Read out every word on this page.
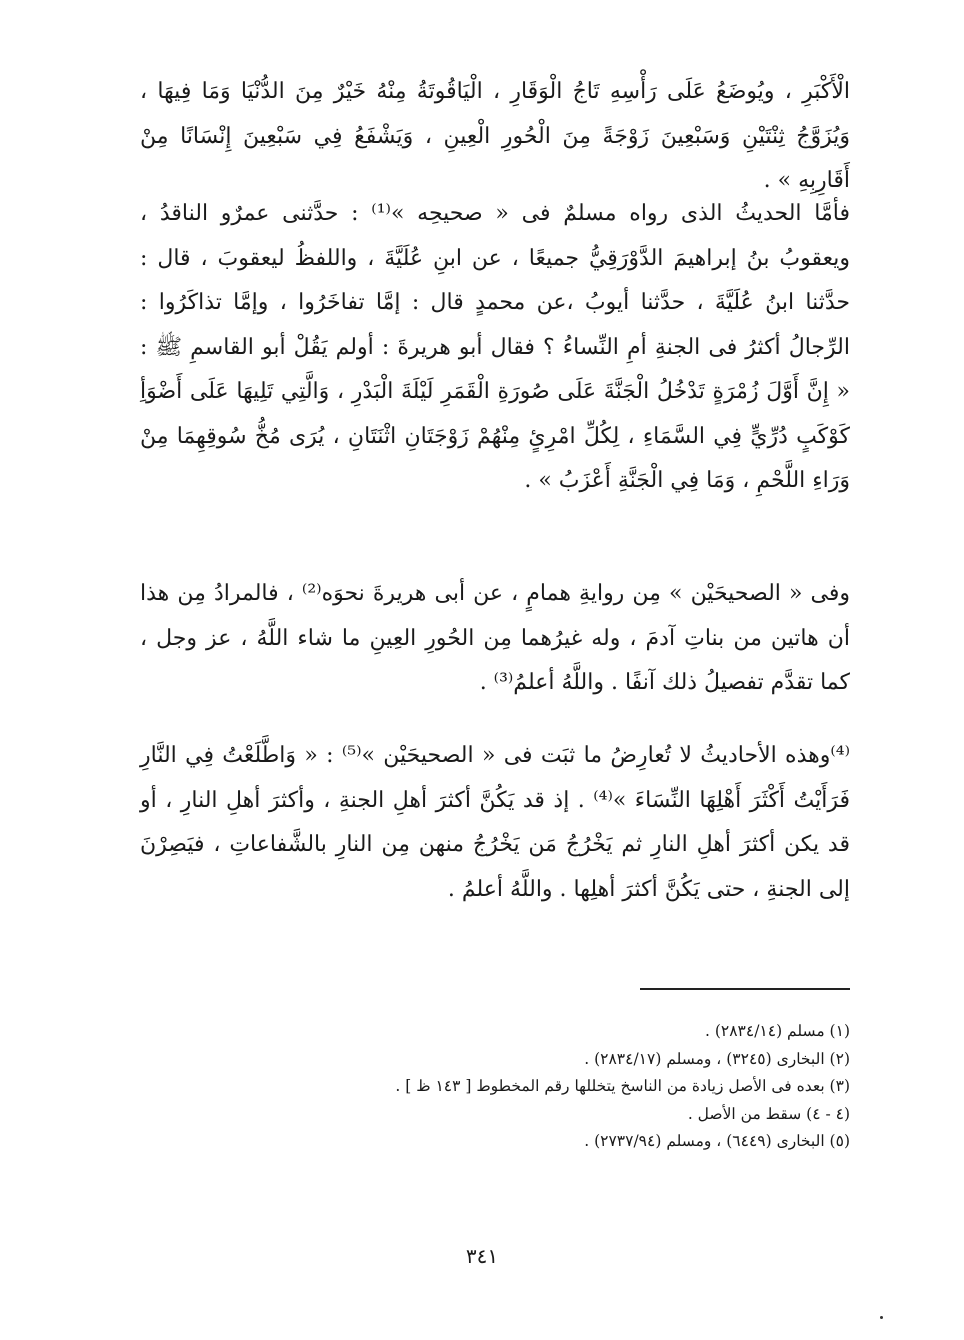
الْأَكْبَرِ ، ويُوضَعُ عَلَى رَأْسِهِ تَاجُ الْوَقَارِ ، الْيَاقُوتَةُ مِنْهُ خَيْرٌ مِنَ الدُّنْيَا وَمَا فِيهَا ، وَيُزَوَّجُ ثِنْتَيْنِ وَسَبْعِينَ زَوْجَةً مِنَ الْحُورِ الْعِينِ ، وَيَشْفَعُ فِي سَبْعِينَ إِنْسَانًا مِنْ أَقَارِبِهِ » .

فأمَّا الحديثُ الذى رواه مسلمٌ فى « صحيحِه »⁽¹⁾ : حدَّثنى عمرٌو الناقدُ ، ويعقوبُ بنُ إبراهيمَ الدَّوْرَقِيُّ جميعًا ، عن ابنِ عُلَيَّةَ ، واللفظُ ليعقوبَ ، قال : حدَّثنا ابنُ عُلَيَّةَ ، حدَّثنا أيوبُ ،عن محمدٍ قال : إمَّا تفاخَرُوا ، وإمَّا تذاكَرُوا : الرِّجالُ أكثرُ فى الجنةِ أمِ النِّساءُ ؟ فقال أبو هريرةَ : أولم يَقُلْ أبو القاسمِ ﷺ : « إِنَّ أَوَّلَ زُمْرَةٍ تَدْخُلُ الْجَنَّةَ عَلَى صُورَةِ الْقَمَرِ لَيْلَةَ الْبَدْرِ ، وَالَّتِي تَلِيهَا عَلَى أَضْوَأِ كَوْكَبٍ دُرِّيٍّ فِي السَّمَاءِ ، لِكُلِّ امْرِئٍ مِنْهُمْ زَوْجَتَانِ اثْنَتَانِ ، يُرَى مُخُّ سُوقِهِمَا مِنْ وَرَاءِ اللَّحْمِ ، وَمَا فِي الْجَنَّةِ أَعْزَبُ » .

وفى « الصحيحَيْن » مِن روايةِ همامٍ ، عن أبى هريرةَ نحوَه⁽²⁾ ، فالمرادُ مِن هذا أن هاتين من بناتِ آدمَ ، وله غيرُهما مِن الحُورِ العِينِ ما شاء اللَّهُ ، عز وجل ، كما تقدَّم تفصيلُ ذلك آنفًا . واللَّهُ أعلمُ⁽³⁾ .

⁽⁴⁾وهذه الأحاديثُ لا تُعارِضُ ما ثبَت فى « الصحيحَيْن »⁽⁵⁾ : « وَاطَّلَعْتُ فِي النَّارِ فَرَأَيْتُ أَكْثَرَ أَهْلِهَا النِّسَاءَ »⁽⁴⁾ . إذ قد يَكُنَّ أكثرَ أهلِ الجنةِ ، وأكثرَ أهلِ النارِ ، أو قد يكن أكثرَ أهلِ النارِ ثم يَخْرُجُ مَن يَخْرُجُ منهن مِن النارِ بالشَّفاعاتِ ، فيَصِرْنَ إلى الجنةِ ، حتى يَكُنَّ أكثرَ أهلِها . واللَّهُ أعلمُ .

(١) مسلم (٢٨٣٤/١٤) .
(٢) البخارى (٣٢٤٥) ، ومسلم (٢٨٣٤/١٧) .
(٣) بعده فى الأصل زيادة من الناسخ يتخللها رقم المخطوط [ ١٤٣ ظ ] .
(٤ - ٤) سقط من الأصل .
(٥) البخارى (٦٤٤٩) ، ومسلم (٢٧٣٧/٩٤) .
٣٤١
